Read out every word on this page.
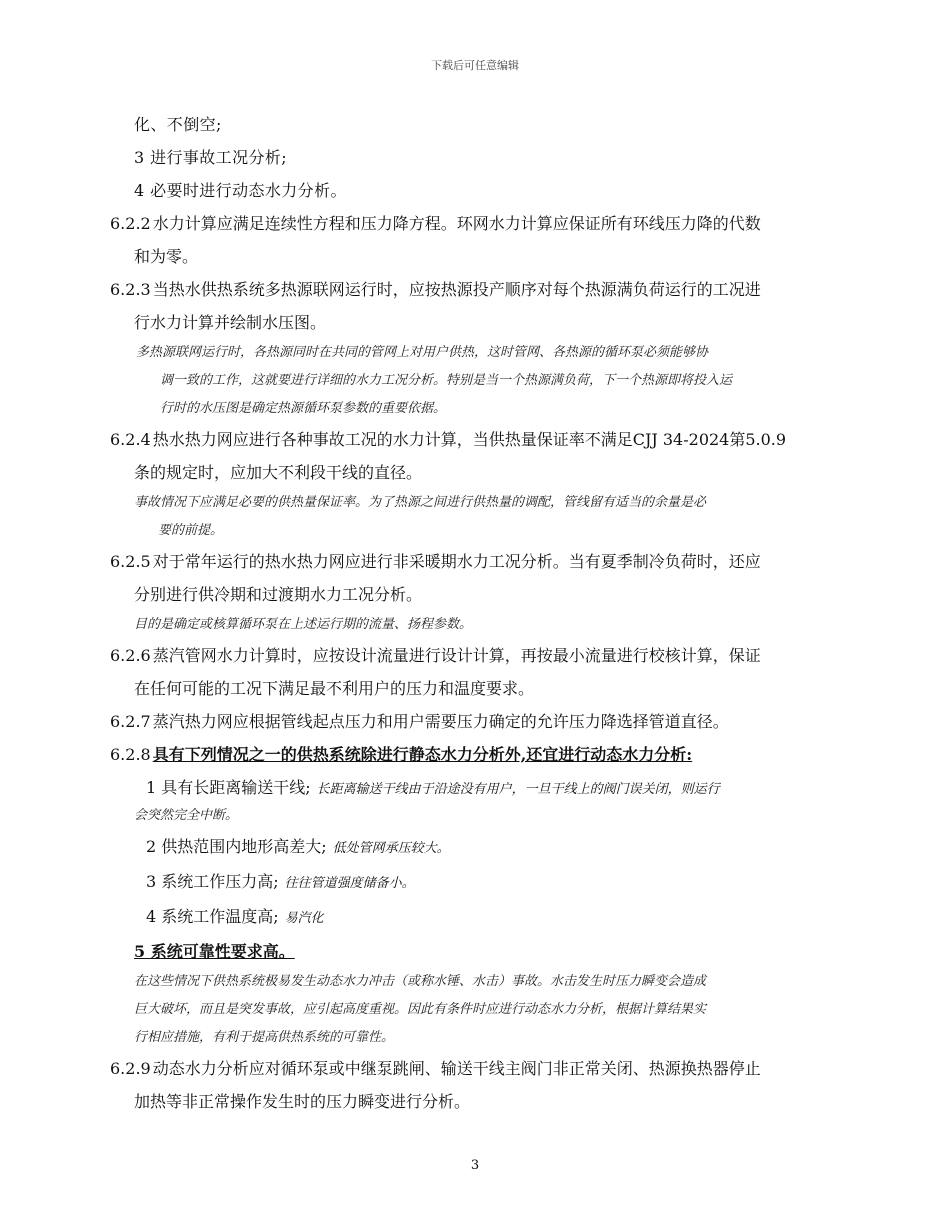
下载后可任意编辑
化、不倒空;
3 进行事故工况分析;
4 必要时进行动态水力分析。
6.2.2 水力计算应满足连续性方程和压力降方程。环网水力计算应保证所有环线压力降的代数
和为零。
6.2.3 当热水供热系统多热源联网运行时，应按热源投产顺序对每个热源满负荷运行的工况进
行水力计算并绘制水压图。
多热源联网运行时，各热源同时在共同的管网上对用户供热，这时管网、各热源的循环泵必须能够协
调一致的工作，这就要进行详细的水力工况分析。特别是当一个热源满负荷，下一个热源即将投入运
行时的水压图是确定热源循环泵参数的重要依据。
6.2.4 热水热力网应进行各种事故工况的水力计算，当供热量保证率不满足CJJ 34-2024第5.0.9
条的规定时，应加大不利段干线的直径。
事故情况下应满足必要的供热量保证率。为了热源之间进行供热量的调配，管线留有适当的余量是必
要的前提。
6.2.5 对于常年运行的热水热力网应进行非采暖期水力工况分析。当有夏季制冷负荷时，还应
分别进行供冷期和过渡期水力工况分析。
目的是确定或核算循环泵在上述运行期的流量、扬程参数。
6.2.6 蒸汽管网水力计算时，应按设计流量进行设计计算，再按最小流量进行校核计算，保证
在任何可能的工况下满足最不利用户的压力和温度要求。
6.2.7 蒸汽热力网应根据管线起点压力和用户需要压力确定的允许压力降选择管道直径。
6.2.8 具有下列情况之一的供热系统除进行静态水力分析外,还宜进行动态水力分析:
1 具有长距离输送干线; 长距离输送干线由于沿途没有用户，一旦干线上的阀门误关闭，则运行
会突然完全中断。
2 供热范围内地形高差大; 低处管网承压较大。
3 系统工作压力高; 往往管道强度储备小。
4 系统工作温度高; 易汽化
5 系统可靠性要求高。
在这些情况下供热系统极易发生动态水力冲击（或称水锤、水击）事故。水击发生时压力瞬变会造成
巨大破坏，而且是突发事故，应引起高度重视。因此有条件时应进行动态水力分析，根据计算结果实
行相应措施，有利于提高供热系统的可靠性。
6.2.9 动态水力分析应对循环泵或中继泵跳闸、输送干线主阀门非正常关闭、热源换热器停止
加热等非正常操作发生时的压力瞬变进行分析。
3
